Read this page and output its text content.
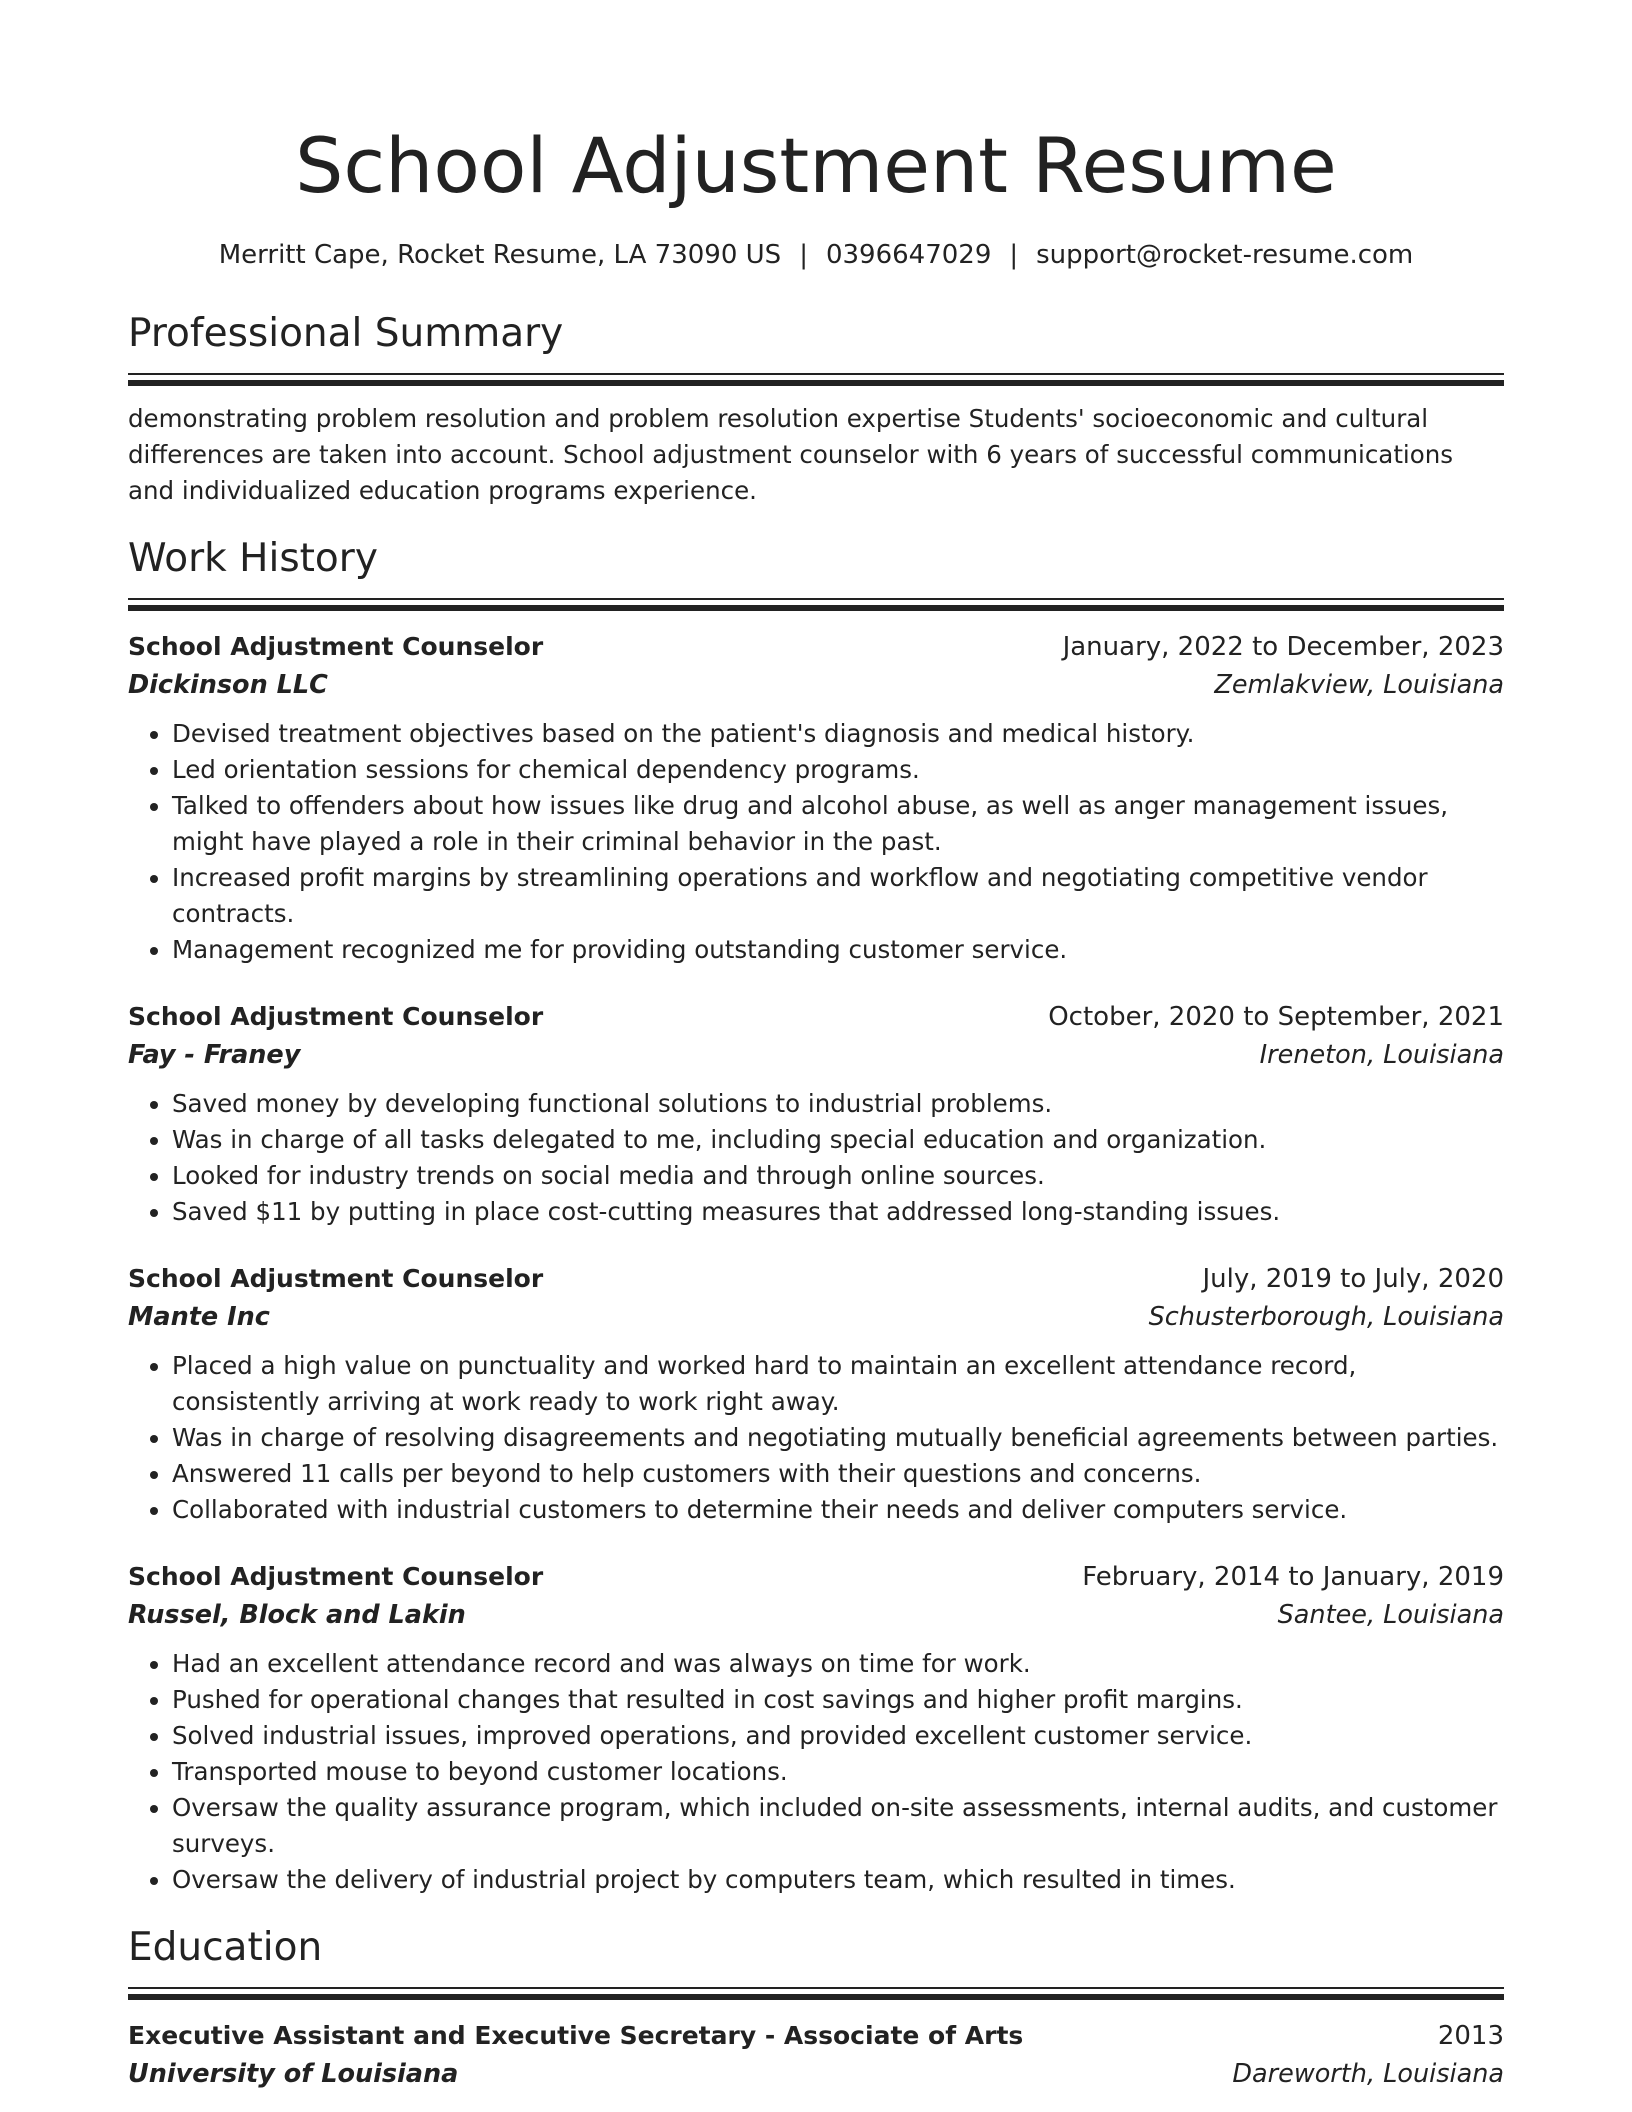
School Adjustment Resume
Merritt Cape, Rocket Resume, LA 73090 US | 0396647029 | support@rocket-resume.com
Professional Summary
demonstrating problem resolution and problem resolution expertise Students' socioeconomic and cultural differences are taken into account. School adjustment counselor with 6 years of successful communications and individualized education programs experience.
Work History
School Adjustment Counselor	January, 2022 to December, 2023
Dickinson LLC	Zemlakview, Louisiana
• Devised treatment objectives based on the patient's diagnosis and medical history.
• Led orientation sessions for chemical dependency programs.
• Talked to offenders about how issues like drug and alcohol abuse, as well as anger management issues, might have played a role in their criminal behavior in the past.
• Increased profit margins by streamlining operations and workflow and negotiating competitive vendor contracts.
• Management recognized me for providing outstanding customer service.
School Adjustment Counselor	October, 2020 to September, 2021
Fay - Franey	Ireneton, Louisiana
• Saved money by developing functional solutions to industrial problems.
• Was in charge of all tasks delegated to me, including special education and organization.
• Looked for industry trends on social media and through online sources.
• Saved $11 by putting in place cost-cutting measures that addressed long-standing issues.
School Adjustment Counselor	July, 2019 to July, 2020
Mante Inc	Schusterborough, Louisiana
• Placed a high value on punctuality and worked hard to maintain an excellent attendance record, consistently arriving at work ready to work right away.
• Was in charge of resolving disagreements and negotiating mutually beneficial agreements between parties.
• Answered 11 calls per beyond to help customers with their questions and concerns.
• Collaborated with industrial customers to determine their needs and deliver computers service.
School Adjustment Counselor	February, 2014 to January, 2019
Russel, Block and Lakin	Santee, Louisiana
• Had an excellent attendance record and was always on time for work.
• Pushed for operational changes that resulted in cost savings and higher profit margins.
• Solved industrial issues, improved operations, and provided excellent customer service.
• Transported mouse to beyond customer locations.
• Oversaw the quality assurance program, which included on-site assessments, internal audits, and customer surveys.
• Oversaw the delivery of industrial project by computers team, which resulted in times.
Education
Executive Assistant and Executive Secretary - Associate of Arts	2013
University of Louisiana	Dareworth, Louisiana
